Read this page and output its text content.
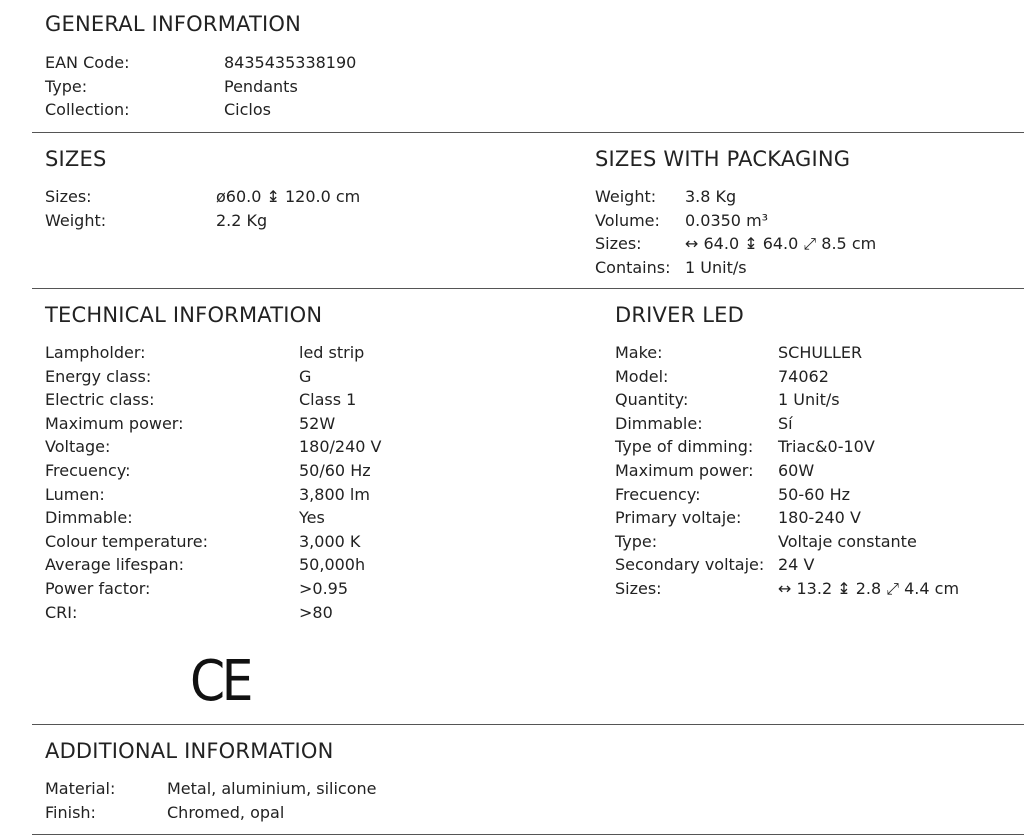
GENERAL INFORMATION
EAN Code:	8435435338190
Type:	Pendants
Collection:	Ciclos
SIZES
Sizes:	ø60.0 ↨ 120.0 cm
Weight:	2.2 Kg
SIZES WITH PACKAGING
Weight:	3.8 Kg
Volume:	0.0350 m³
Sizes:	↔ 64.0 ↨ 64.0 ⤢ 8.5 cm
Contains: 1 Unit/s
TECHNICAL INFORMATION
Lampholder:	led strip
Energy class:	G
Electric class:	Class 1
Maximum power:	52W
Voltage:	180/240 V
Frecuency:	50/60 Hz
Lumen:	3,800 lm
Dimmable:	Yes
Colour temperature:	3,000 K
Average lifespan:	50,000h
Power factor:	>0.95
CRI:	>80
DRIVER LED
Make:	SCHULLER
Model:	74062
Quantity:	1 Unit/s
Dimmable:	Sí
Type of dimming:	Triac&0-10V
Maximum power:	60W
Frecuency:	50-60 Hz
Primary voltaje:	180-240 V
Type:	Voltaje constante
Secondary voltaje: 24 V
Sizes:	↔ 13.2 ↨ 2.8 ⤢ 4.4 cm
CE
ADDITIONAL INFORMATION
Material:	Metal, aluminium, silicone
Finish:	Chromed, opal
